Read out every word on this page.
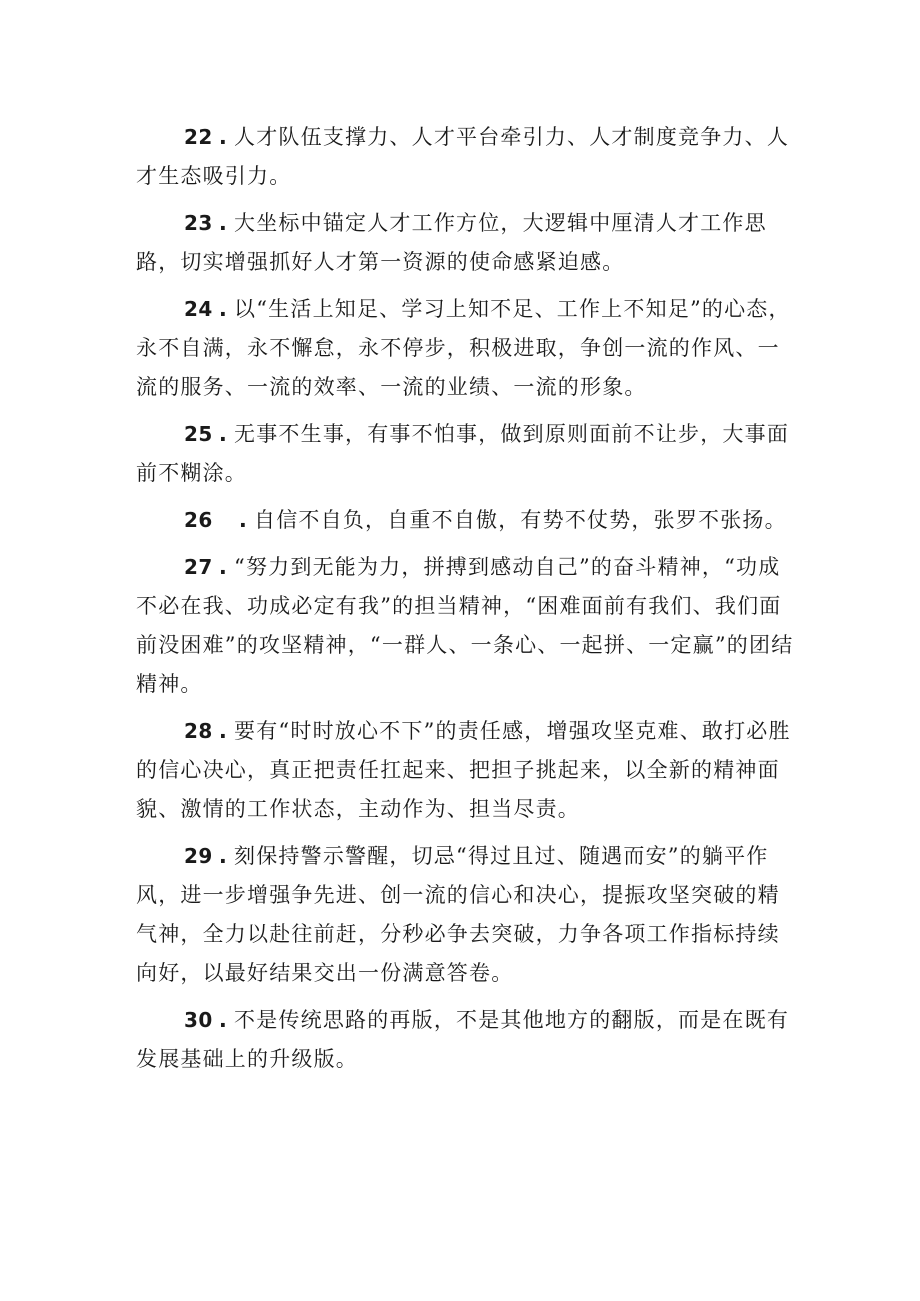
22 . 人才队伍支撑力、人才平台牵引力、人才制度竞争力、人才生态吸引力。

23 . 大坐标中锚定人才工作方位，大逻辑中厘清人才工作思路，切实增强抓好人才第一资源的使命感紧迫感。

24 . 以“生活上知足、学习上知不足、工作上不知足”的心态，永不自满，永不懈怠，永不停步，积极进取，争创一流的作风、一流的服务、一流的效率、一流的业绩、一流的形象。

25 . 无事不生事，有事不怕事，做到原则面前不让步，大事面前不糊涂。

26 . 自信不自负，自重不自傲，有势不仗势，张罗不张扬。

27 . “努力到无能为力，拼搏到感动自己”的奋斗精神，“功成不必在我、功成必定有我”的担当精神，“困难面前有我们、我们面前没困难”的攻坚精神，“一群人、一条心、一起拼、一定赢”的团结精神。

28 . 要有“时时放心不下”的责任感，增强攻坚克难、敢打必胜的信心决心，真正把责任扛起来、把担子挑起来，以全新的精神面貌、激情的工作状态，主动作为、担当尽责。

29 . 刻保持警示警醒，切忌“得过且过、随遇而安”的躺平作风，进一步增强争先进、创一流的信心和决心，提振攻坚突破的精气神，全力以赴往前赶，分秒必争去突破，力争各项工作指标持续向好，以最好结果交出一份满意答卷。

30 . 不是传统思路的再版，不是其他地方的翻版，而是在既有发展基础上的升级版。
